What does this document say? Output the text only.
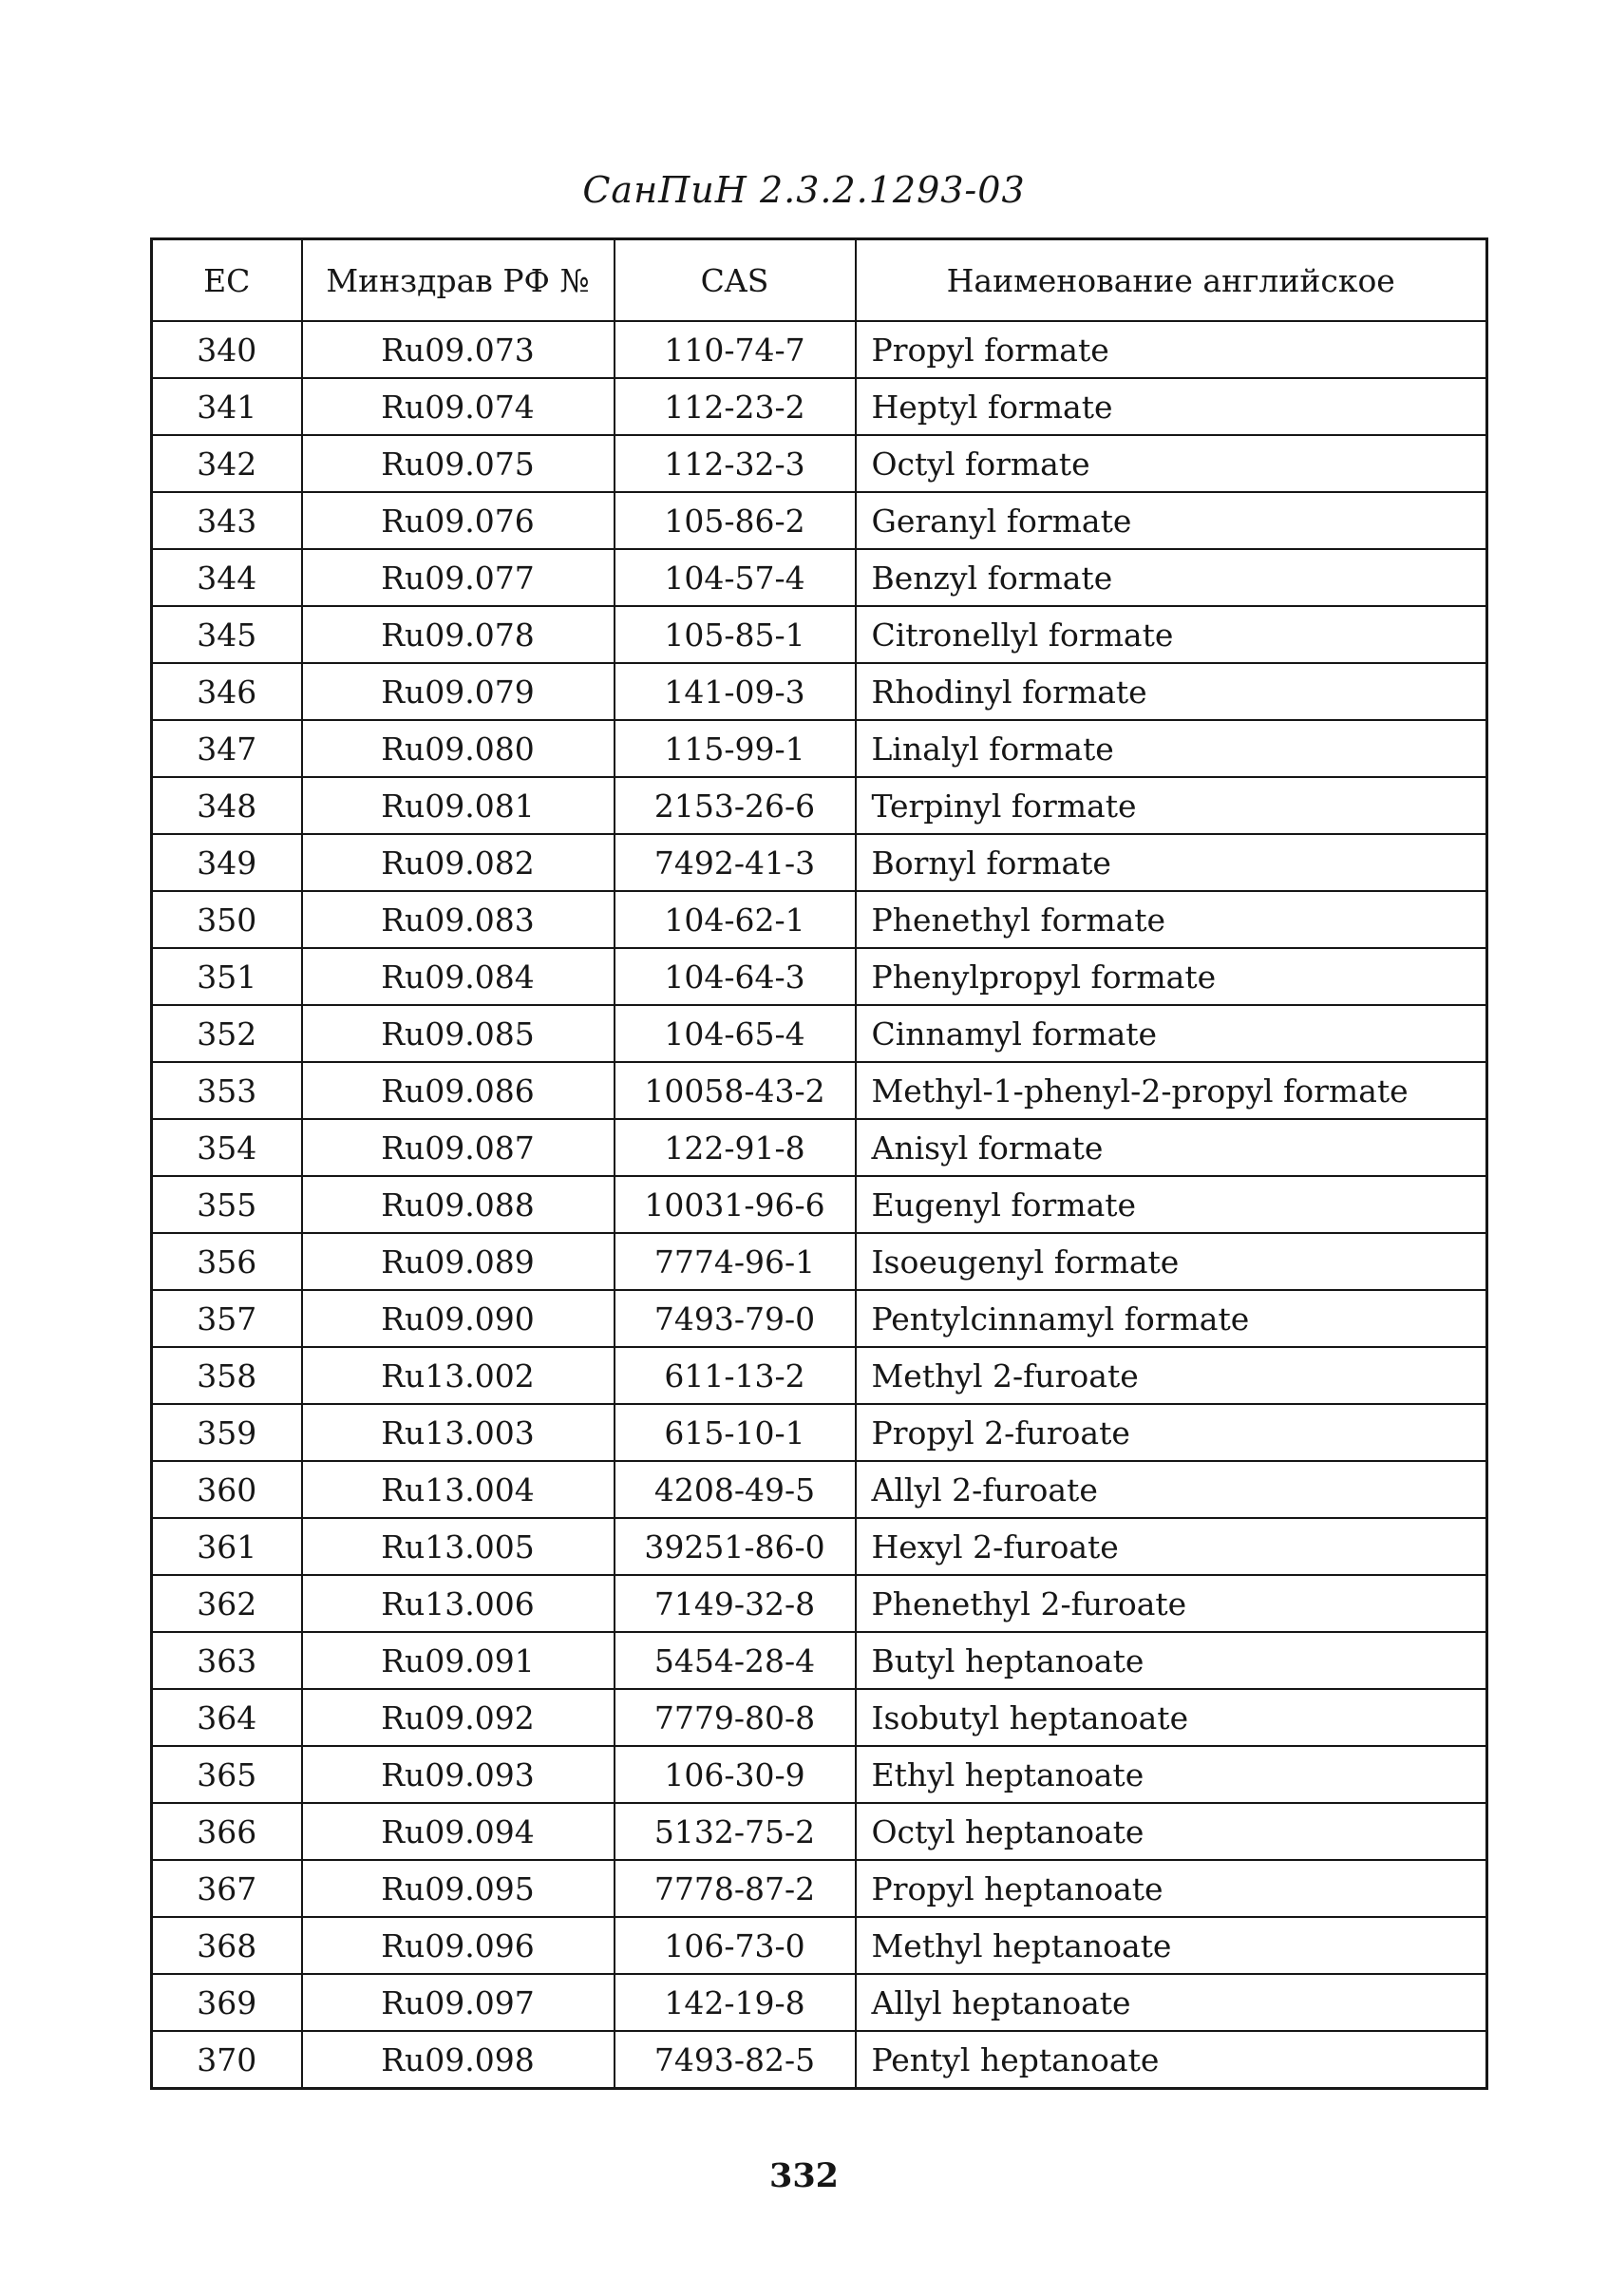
СанПиН 2.3.2.1293-03
ЕС	Минздрав РФ №	CAS	Наименование английское
340	Ru09.073	110-74-7	Propyl formate
341	Ru09.074	112-23-2	Heptyl formate
342	Ru09.075	112-32-3	Octyl formate
343	Ru09.076	105-86-2	Geranyl formate
344	Ru09.077	104-57-4	Benzyl formate
345	Ru09.078	105-85-1	Citronellyl formate
346	Ru09.079	141-09-3	Rhodinyl formate
347	Ru09.080	115-99-1	Linalyl formate
348	Ru09.081	2153-26-6	Terpinyl formate
349	Ru09.082	7492-41-3	Bornyl formate
350	Ru09.083	104-62-1	Phenethyl formate
351	Ru09.084	104-64-3	Phenylpropyl formate
352	Ru09.085	104-65-4	Cinnamyl formate
353	Ru09.086	10058-43-2	Methyl-1-phenyl-2-propyl formate
354	Ru09.087	122-91-8	Anisyl formate
355	Ru09.088	10031-96-6	Eugenyl formate
356	Ru09.089	7774-96-1	Isoeugenyl formate
357	Ru09.090	7493-79-0	Pentylcinnamyl formate
358	Ru13.002	611-13-2	Methyl 2-furoate
359	Ru13.003	615-10-1	Propyl 2-furoate
360	Ru13.004	4208-49-5	Allyl 2-furoate
361	Ru13.005	39251-86-0	Hexyl 2-furoate
362	Ru13.006	7149-32-8	Phenethyl 2-furoate
363	Ru09.091	5454-28-4	Butyl heptanoate
364	Ru09.092	7779-80-8	Isobutyl heptanoate
365	Ru09.093	106-30-9	Ethyl heptanoate
366	Ru09.094	5132-75-2	Octyl heptanoate
367	Ru09.095	7778-87-2	Propyl heptanoate
368	Ru09.096	106-73-0	Methyl heptanoate
369	Ru09.097	142-19-8	Allyl heptanoate
370	Ru09.098	7493-82-5	Pentyl heptanoate
332
